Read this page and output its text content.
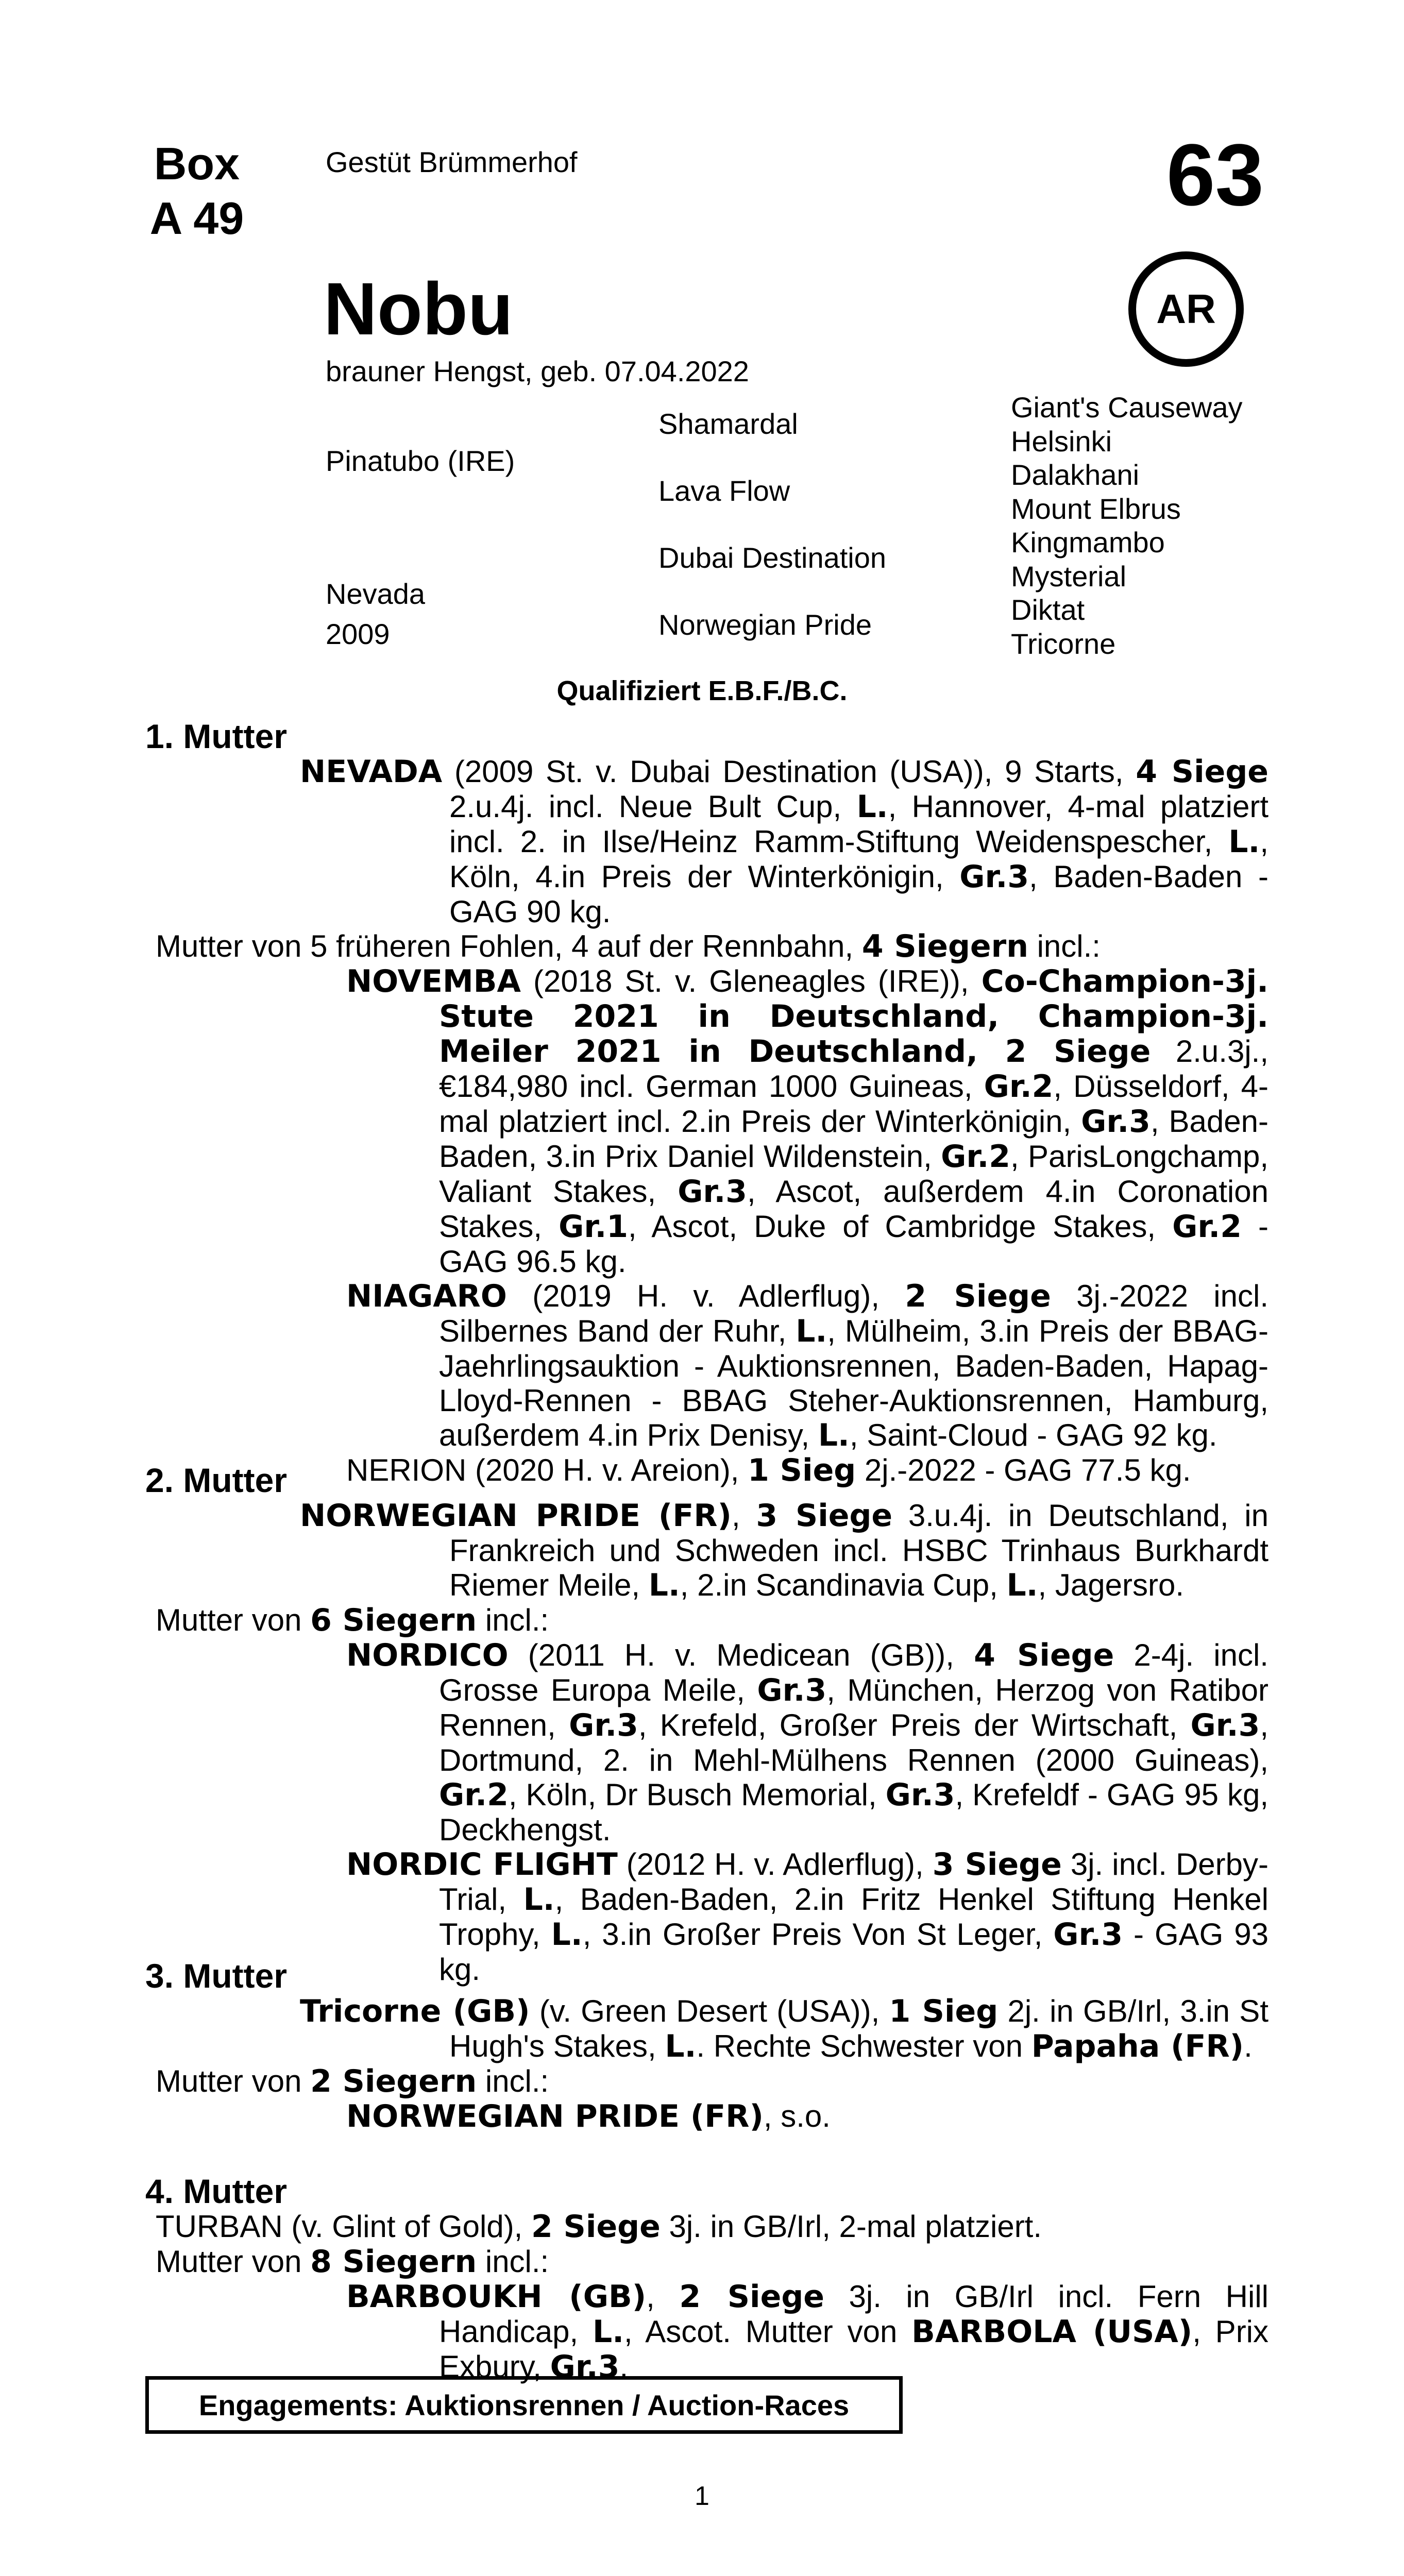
Box
A 49
Gestüt Brümmerhof	63
Nobu	AR
brauner Hengst, geb. 07.04.2022
Pinatubo (IRE)
Nevada
2009
Shamardal
Lava Flow
Dubai Destination
Norwegian Pride
Giant's Causeway
Helsinki
Dalakhani
Mount Elbrus
Kingmambo
Mysterial
Diktat
Tricorne
Qualifiziert E.B.F./B.C.

1. Mutter

NEVADA (2009 St. v. Dubai Destination (USA)), 9 Starts, 4 Siege 2.u.4j. incl. Neue Bult Cup, L., Hannover, 4-mal platziert incl. 2. in Ilse/Heinz Ramm-Stiftung Weidenspescher, L., Köln, 4.in Preis der Winterkönigin, Gr.3, Baden-Baden - GAG 90 kg.

Mutter von 5 früheren Fohlen, 4 auf der Rennbahn, 4 Siegern incl.:

NOVEMBA (2018 St. v. Gleneagles (IRE)), Co-Champion-3j. Stute 2021 in Deutschland, Champion-3j. Meiler 2021 in Deutschland, 2 Siege 2.u.3j., €184,980 incl. German 1000 Guineas, Gr.2, Düsseldorf, 4-mal platziert incl. 2.in Preis der Winterkönigin, Gr.3, Baden-Baden, 3.in Prix Daniel Wildenstein, Gr.2, ParisLongchamp, Valiant Stakes, Gr.3, Ascot, außerdem 4.in Coronation Stakes, Gr.1, Ascot, Duke of Cambridge Stakes, Gr.2 - GAG 96.5 kg.

NIAGARO (2019 H. v. Adlerflug), 2 Siege 3j.-2022 incl. Silbernes Band der Ruhr, L., Mülheim, 3.in Preis der BBAG-Jaehrlingsauktion - Auktionsrennen, Baden-Baden, Hapag-Lloyd-Rennen - BBAG Steher-Auktionsrennen, Hamburg, außerdem 4.in Prix Denisy, L., Saint-Cloud - GAG 92 kg.

NERION (2020 H. v. Areion), 1 Sieg 2j.-2022 - GAG 77.5 kg.

2. Mutter

NORWEGIAN PRIDE (FR), 3 Siege 3.u.4j. in Deutschland, in Frankreich und Schweden incl. HSBC Trinhaus Burkhardt Riemer Meile, L., 2.in Scandinavia Cup, L., Jagersro.

Mutter von 6 Siegern incl.:

NORDICO (2011 H. v. Medicean (GB)), 4 Siege 2-4j. incl. Grosse Europa Meile, Gr.3, München, Herzog von Ratibor Rennen, Gr.3, Krefeld, Großer Preis der Wirtschaft, Gr.3, Dortmund, 2. in Mehl-Mülhens Rennen (2000 Guineas), Gr.2, Köln, Dr Busch Memorial, Gr.3, Krefeldf - GAG 95 kg, Deckhengst.

NORDIC FLIGHT (2012 H. v. Adlerflug), 3 Siege 3j. incl. Derby-Trial, L., Baden-Baden, 2.in Fritz Henkel Stiftung Henkel Trophy, L., 3.in Großer Preis Von St Leger, Gr.3 - GAG 93 kg.

3. Mutter

Tricorne (GB) (v. Green Desert (USA)), 1 Sieg 2j. in GB/Irl, 3.in St Hugh's Stakes, L.. Rechte Schwester von Papaha (FR).

Mutter von 2 Siegern incl.:

NORWEGIAN PRIDE (FR), s.o.

4. Mutter

TURBAN (v. Glint of Gold), 2 Siege 3j. in GB/Irl, 2-mal platziert.

Mutter von 8 Siegern incl.:

BARBOUKH (GB), 2 Siege 3j. in GB/Irl incl. Fern Hill Handicap, L., Ascot. Mutter von BARBOLA (USA), Prix Exbury, Gr.3.

Engagements: Auktionsrennen / Auction-Races
1
